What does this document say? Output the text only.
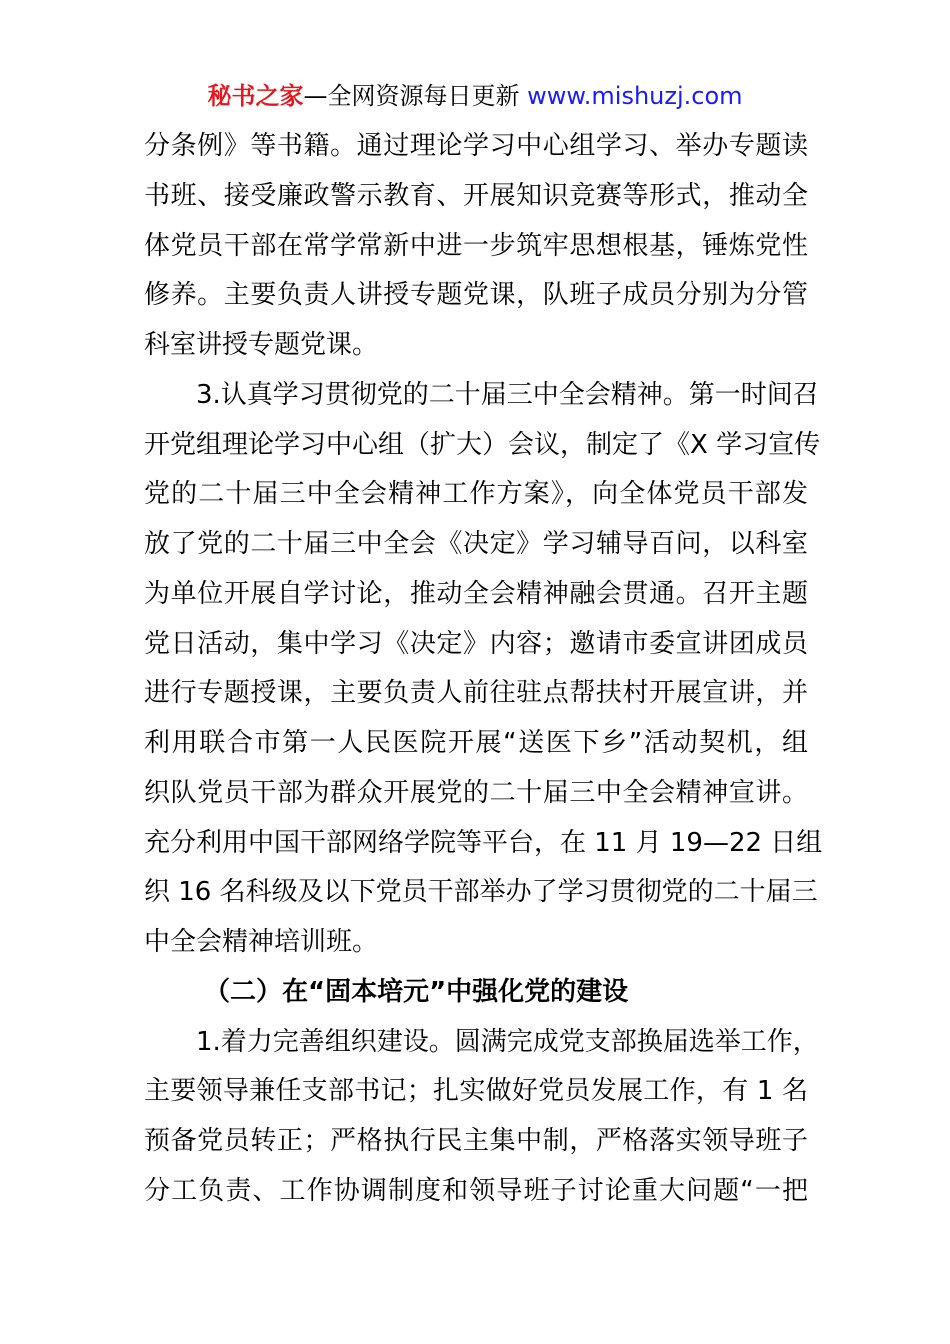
秘书之家—全网资源每日更新 www.mishuzj.com
分条例》等书籍。通过理论学习中心组学习、举办专题读
书班、接受廉政警示教育、开展知识竞赛等形式，推动全
体党员干部在常学常新中进一步筑牢思想根基，锤炼党性
修养。主要负责人讲授专题党课，队班子成员分别为分管
科室讲授专题党课。
3.认真学习贯彻党的二十届三中全会精神。第一时间召
开党组理论学习中心组（扩大）会议，制定了《X 学习宣传
党的二十届三中全会精神工作方案》，向全体党员干部发
放了党的二十届三中全会《决定》学习辅导百问，以科室
为单位开展自学讨论，推动全会精神融会贯通。召开主题
党日活动，集中学习《决定》内容；邀请市委宣讲团成员
进行专题授课，主要负责人前往驻点帮扶村开展宣讲，并
利用联合市第一人民医院开展“送医下乡”活动契机，组
织队党员干部为群众开展党的二十届三中全会精神宣讲。
充分利用中国干部网络学院等平台，在 11 月 19—22 日组
织 16 名科级及以下党员干部举办了学习贯彻党的二十届三
中全会精神培训班。
（二）在“固本培元”中强化党的建设
1.着力完善组织建设。圆满完成党支部换届选举工作，
主要领导兼任支部书记；扎实做好党员发展工作，有 1 名
预备党员转正；严格执行民主集中制，严格落实领导班子
分工负责、工作协调制度和领导班子讨论重大问题“一把
